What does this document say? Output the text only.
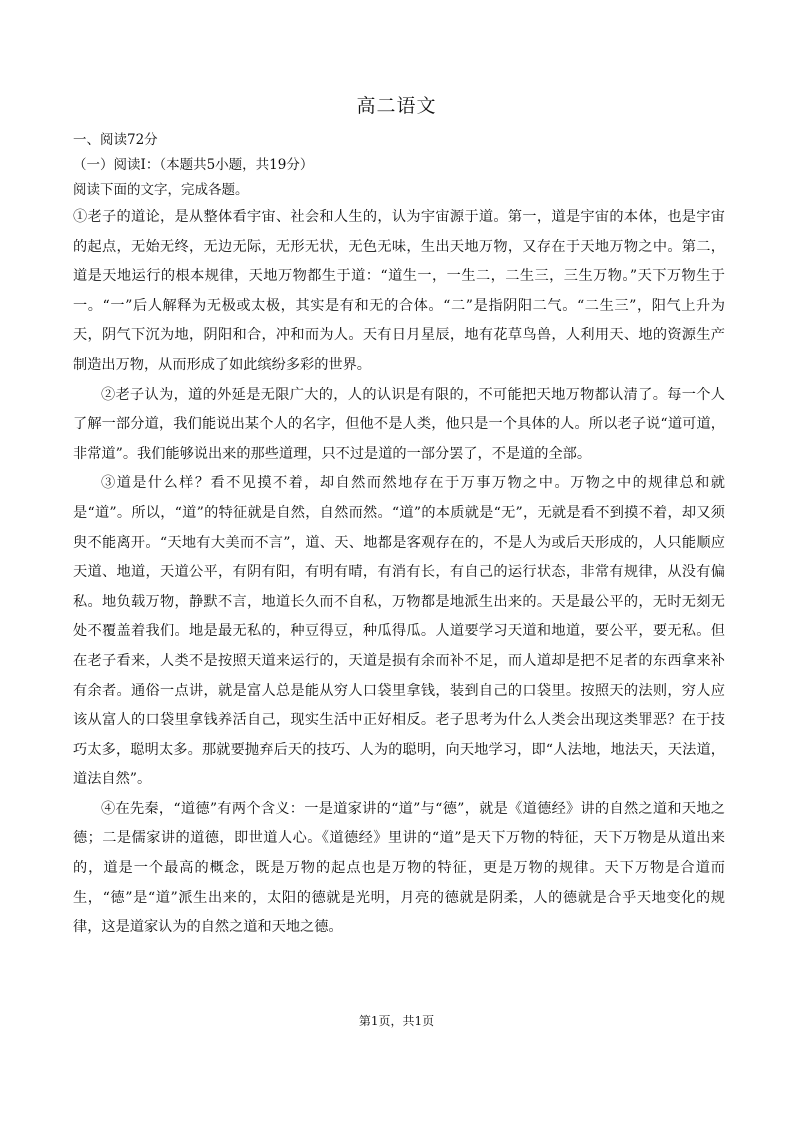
高二语文

一、阅读72分

（一）阅读I：（本题共5小题，共19分）

阅读下面的文字，完成各题。

①老子的道论，是从整体看宇宙、社会和人生的，认为宇宙源于道。第一，道是宇宙的本体，也是宇宙的起点，无始无终，无边无际，无形无状，无色无味，生出天地万物，又存在于天地万物之中。第二，道是天地运行的根本规律，天地万物都生于道：“道生一，一生二，二生三，三生万物。”天下万物生于一。“一”后人解释为无极或太极，其实是有和无的合体。“二”是指阴阳二气。“二生三”，阳气上升为天，阴气下沉为地，阴阳和合，冲和而为人。天有日月星辰，地有花草鸟兽，人利用天、地的资源生产制造出万物，从而形成了如此缤纷多彩的世界。

②老子认为，道的外延是无限广大的，人的认识是有限的，不可能把天地万物都认清了。每一个人了解一部分道，我们能说出某个人的名字，但他不是人类，他只是一个具体的人。所以老子说“道可道，非常道”。我们能够说出来的那些道理，只不过是道的一部分罢了，不是道的全部。

③道是什么样？看不见摸不着，却自然而然地存在于万事万物之中。万物之中的规律总和就是“道”。所以，“道”的特征就是自然，自然而然。“道”的本质就是“无”，无就是看不到摸不着，却又须臾不能离开。“天地有大美而不言”，道、天、地都是客观存在的，不是人为或后天形成的，人只能顺应天道、地道，天道公平，有阴有阳，有明有晴，有消有长，有自己的运行状态，非常有规律，从没有偏私。地负载万物，静默不言，地道长久而不自私，万物都是地派生出来的。天是最公平的，无时无刻无处不覆盖着我们。地是最无私的，种豆得豆，种瓜得瓜。人道要学习天道和地道，要公平，要无私。但在老子看来，人类不是按照天道来运行的，天道是损有余而补不足，而人道却是把不足者的东西拿来补有余者。通俗一点讲，就是富人总是能从穷人口袋里拿钱，装到自己的口袋里。按照天的法则，穷人应该从富人的口袋里拿钱养活自己，现实生活中正好相反。老子思考为什么人类会出现这类罪恶？在于技巧太多，聪明太多。那就要抛弃后天的技巧、人为的聪明，向天地学习，即“人法地，地法天，天法道，道法自然”。

④在先秦，“道德”有两个含义：一是道家讲的“道”与“德”，就是《道德经》讲的自然之道和天地之德；二是儒家讲的道德，即世道人心。《道德经》里讲的“道”是天下万物的特征，天下万物是从道出来的，道是一个最高的概念，既是万物的起点也是万物的特征，更是万物的规律。天下万物是合道而生，“德”是“道”派生出来的，太阳的德就是光明，月亮的德就是阴柔，人的德就是合乎天地变化的规律，这是道家认为的自然之道和天地之德。

第1页，共1页
